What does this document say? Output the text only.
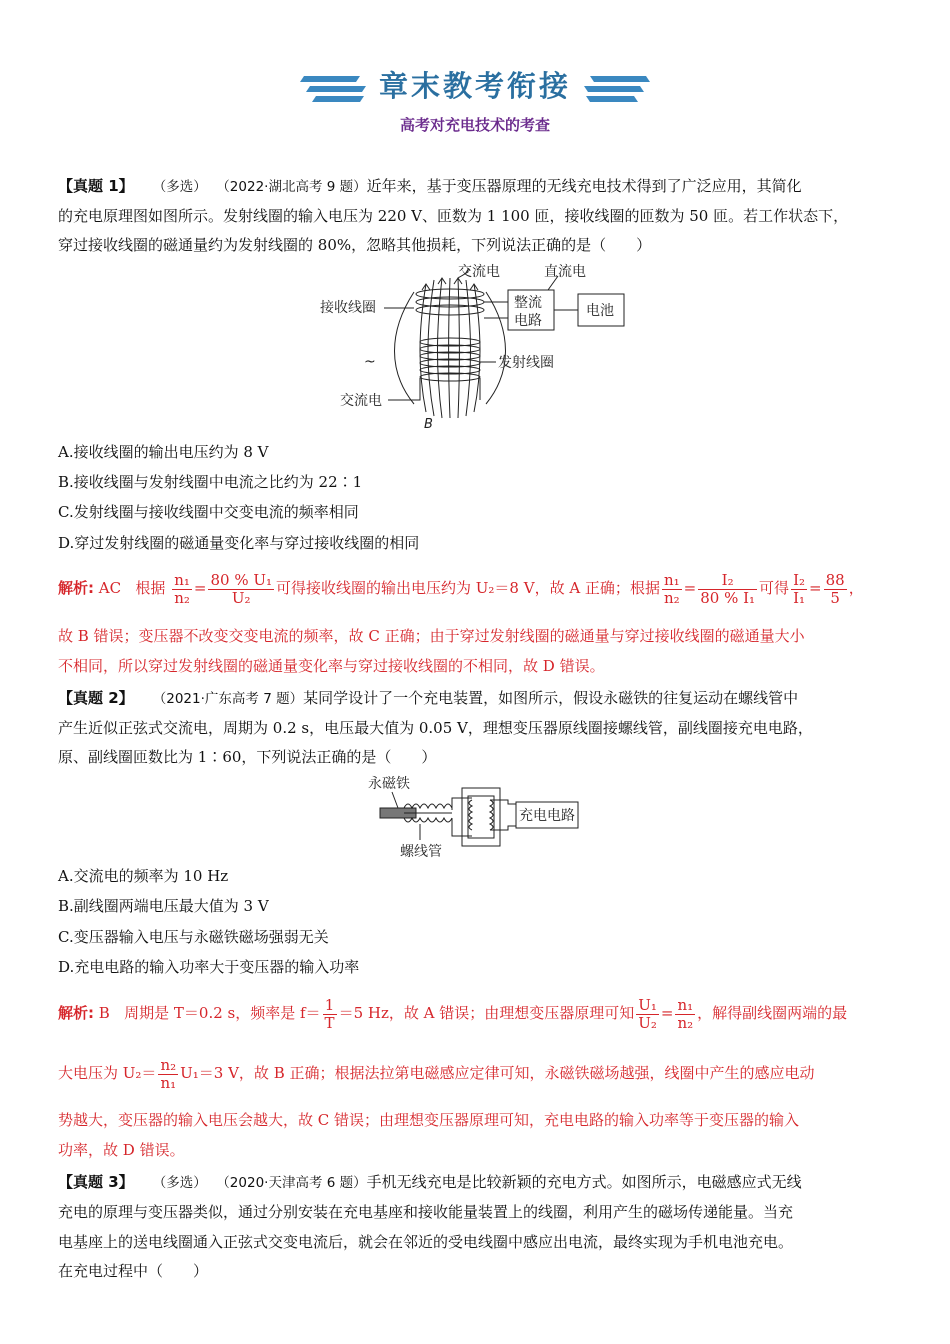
章末教考衔接
高考对充电技术的考查
【真题 1】 （多选） （2022·湖北高考 9 题）近年来，基于变压器原理的无线充电技术得到了广泛应用，其简化
的充电原理图如图所示。发射线圈的输入电压为 220 V、匝数为 1 100 匝，接收线圈的匝数为 50 匝。若工作状态下，
穿过接收线圈的磁通量约为发射线圈的 80%，忽略其他损耗，下列说法正确的是（　　）
交流电	直流电
接收线圈	整流
电路
电池
~	发射线圈
交流电
B
A.接收线圈的输出电压约为 8 V
B.接收线圈与发射线圈中电流之比约为 22∶1
C.发射线圈与接收线圈中交变电流的频率相同
D.穿过发射线圈的磁通量变化率与穿过接收线圈的相同
解析: AC 根据 $\frac{\text{n₁}}{\text{n₂}} = \frac{\text{80 \% U₁}}{\text{U₂}}$ 可得接收线圈的输出电压约为 U₂＝8 V，故 A 正确；根据 $\frac{\text{n₁}}{\text{n₂}} = \frac{\text{I₂}}{\text{80 \% I₁}}$ 可得 $\frac{\text{I₂}}{\text{I₁}} = \frac{88}{5}$ ，
故 B 错误；变压器不改变交变电流的频率，故 C 正确；由于穿过发射线圈的磁通量与穿过接收线圈的磁通量大小
不相同，所以穿过发射线圈的磁通量变化率与穿过接收线圈的不相同，故 D 错误。
【真题 2】 （2021·广东高考 7 题）某同学设计了一个充电装置，如图所示，假设永磁铁的往复运动在螺线管中
产生近似正弦式交流电，周期为 0.2 s，电压最大值为 0.05 V，理想变压器原线圈接螺线管，副线圈接充电电路，
原、副线圈匝数比为 1∶60，下列说法正确的是（　　）
永磁铁
充电电路
螺线管
A.交流电的频率为 10 Hz
B.副线圈两端电压最大值为 3 V
C.变压器输入电压与永磁铁磁场强弱无关
D.充电电路的输入功率大于变压器的输入功率
解析: B 周期是 T＝0.2 s，频率是 $f= \frac{1}{T} =5$ Hz，故 A 错误；由理想变压器原理可知 $\frac{\text{U₁}}{\text{U₂}} = \frac{\text{n₁}}{\text{n₂}}$ ，解得副线圈两端的最
大电压为 $U_2= \frac{\text{n₂}}{\text{n₁}} U_1=3$ V，故 B 正确；根据法拉第电磁感应定律可知，永磁铁磁场越强，线圈中产生的感应电动
势越大，变压器的输入电压会越大，故 C 错误；由理想变压器原理可知，充电电路的输入功率等于变压器的输入
功率，故 D 错误。
【真题 3】 （多选） （2020·天津高考 6 题）手机无线充电是比较新颖的充电方式。如图所示，电磁感应式无线
充电的原理与变压器类似，通过分别安装在充电基座和接收能量装置上的线圈，利用产生的磁场传递能量。当充
电基座上的送电线圈通入正弦式交变电流后，就会在邻近的受电线圈中感应出电流，最终实现为手机电池充电。
在充电过程中（　　）
